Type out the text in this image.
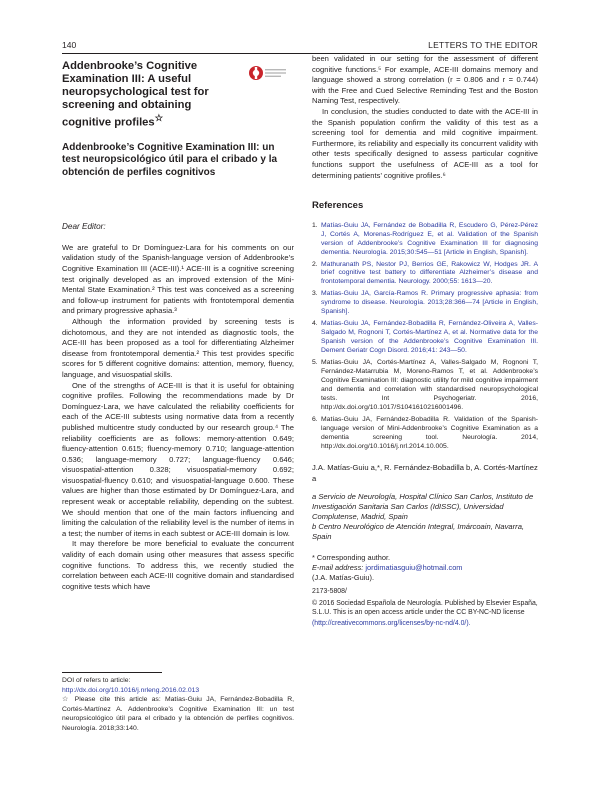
140	LETTERS TO THE EDITOR
Addenbrooke’s Cognitive Examination III: A useful neuropsychological test for screening and obtaining cognitive profiles☆
Addenbrooke’s Cognitive Examination III: un test neuropsicológico útil para el cribado y la obtención de perfiles cognitivos
Dear Editor:

We are grateful to Dr Domínguez-Lara for his comments on our validation study of the Spanish-language version of Addenbrooke’s Cognitive Examination III (ACE-III).¹ ACE-III is a cognitive screening test originally developed as an improved extension of the Mini-Mental State Examination.² This test was conceived as a screening and follow-up instrument for patients with frontotemporal dementia and primary progressive aphasia.³

Although the information provided by screening tests is dichotomous, and they are not intended as diagnostic tools, the ACE-III has been proposed as a tool for differentiating Alzheimer disease from frontotemporal dementia.² This test provides specific scores for 5 different cognitive domains: attention, memory, fluency, language, and visuospatial skills.

One of the strengths of ACE-III is that it is useful for obtaining cognitive profiles. Following the recommendations made by Dr Domínguez-Lara, we have calculated the reliability coefficients for each of the ACE-III subtests using normative data from a recently published multicentre study conducted by our research group.⁴ The reliability coefficients are as follows: memory-attention 0.649; fluency-attention 0.615; fluency-memory 0.710; language-attention 0.536; language-memory 0.727; language-fluency 0.646; visuospatial-attention 0.328; visuospatial-memory 0.692; visuospatial-fluency 0.610; and visuospatial-language 0.600. These values are higher than those estimated by Dr Domínguez-Lara, and represent weak or acceptable reliability, depending on the subtest. We should mention that one of the main factors influencing and limiting the calculation of the reliability level is the number of items in a test; the number of items in each subtest or ACE-III domain is low.

It may therefore be more beneficial to evaluate the concurrent validity of each domain using other measures that assess specific cognitive functions. To address this, we recently studied the correlation between each ACE-III cognitive domain and standardised cognitive tests which have

DOI of refers to article:
http://dx.doi.org/10.1016/j.nrleng.2016.02.013
☆ Please cite this article as: Matías-Guiu JA, Fernández-Bobadilla R, Cortés-Martínez A. Addenbrooke’s Cognitive Examination III: un test neuropsicológico útil para el cribado y la obtención de perfiles cognitivos. Neurología. 2018;33:140.

been validated in our setting for the assessment of different cognitive functions.⁵ For example, ACE-III domains memory and language showed a strong correlation (r = 0.806 and r = 0.744) with the Free and Cued Selective Reminding Test and the Boston Naming Test, respectively.

In conclusion, the studies conducted to date with the ACE-III in the Spanish population confirm the validity of this test as a screening tool for dementia and mild cognitive impairment. Furthermore, its reliability and especially its concurrent validity with other tests specifically designed to assess particular cognitive functions support the usefulness of ACE-III as a tool for determining patients’ cognitive profiles.⁶

References
1. Matías-Guiu JA, Fernández de Bobadilla R, Escudero G, Pérez-Pérez J, Cortés A, Morenas-Rodríguez E, et al. Validation of the Spanish version of Addenbrooke’s Cognitive Examination III for diagnosing dementia. Neurología. 2015;30:545—51 [Article in English, Spanish].
2. Mathuranath PS, Nestor PJ, Berrios GE, Rakowicz W, Hodges JR. A brief cognitive test battery to differentiate Alzheimer’s disease and frontotemporal dementia. Neurology. 2000;55: 1613—20.
3. Matías-Guiu JA, García-Ramos R. Primary progressive aphasia: from syndrome to disease. Neurología. 2013;28:366—74 [Article in English, Spanish].
4. Matías-Guiu JA, Fernández-Bobadilla R, Fernández-Oliveira A, Valles-Salgado M, Rognoni T, Cortés-Martínez A, et al. Normative data for the Spanish version of the Addenbrooke’s Cognitive Examination III. Dement Geriatr Cogn Disord. 2016;41: 243—50.
5. Matías-Guiu JA, Cortés-Martínez A, Valles-Salgado M, Rognoni T, Fernández-Matarrubia M, Moreno-Ramos T, et al. Addenbrooke’s Cognitive Examination III: diagnostic utility for mild cognitive impairment and dementia and correlation with standardised neuropsychological tests. Int Psychogeriatr. 2016, http://dx.doi.org/10.1017/S1041610216001496.
6. Matías-Guiu JA, Fernández-Bobadilla R. Validation of the Spanish-language version of Mini-Addenbrooke’s Cognitive Examination as a dementia screening tool. Neurología. 2014, http://dx.doi.org/10.1016/j.nrl.2014.10.005.
J.A. Matías-Guiu a,*, R. Fernández-Bobadilla b, A. Cortés-Martínez a
a Servicio de Neurología, Hospital Clínico San Carlos, Instituto de Investigación Sanitaria San Carlos (IdISSC), Universidad Complutense, Madrid, Spain
b Centro Neurológico de Atención Integral, Imárcoain, Navarra, Spain
* Corresponding author.
E-mail address: jordimatiasguiu@hotmail.com
(J.A. Matías-Guiu).
2173-5808/
© 2016 Sociedad Española de Neurología. Published by Elsevier España, S.L.U. This is an open access article under the CC BY-NC-ND license
(http://creativecommons.org/licenses/by-nc-nd/4.0/).
